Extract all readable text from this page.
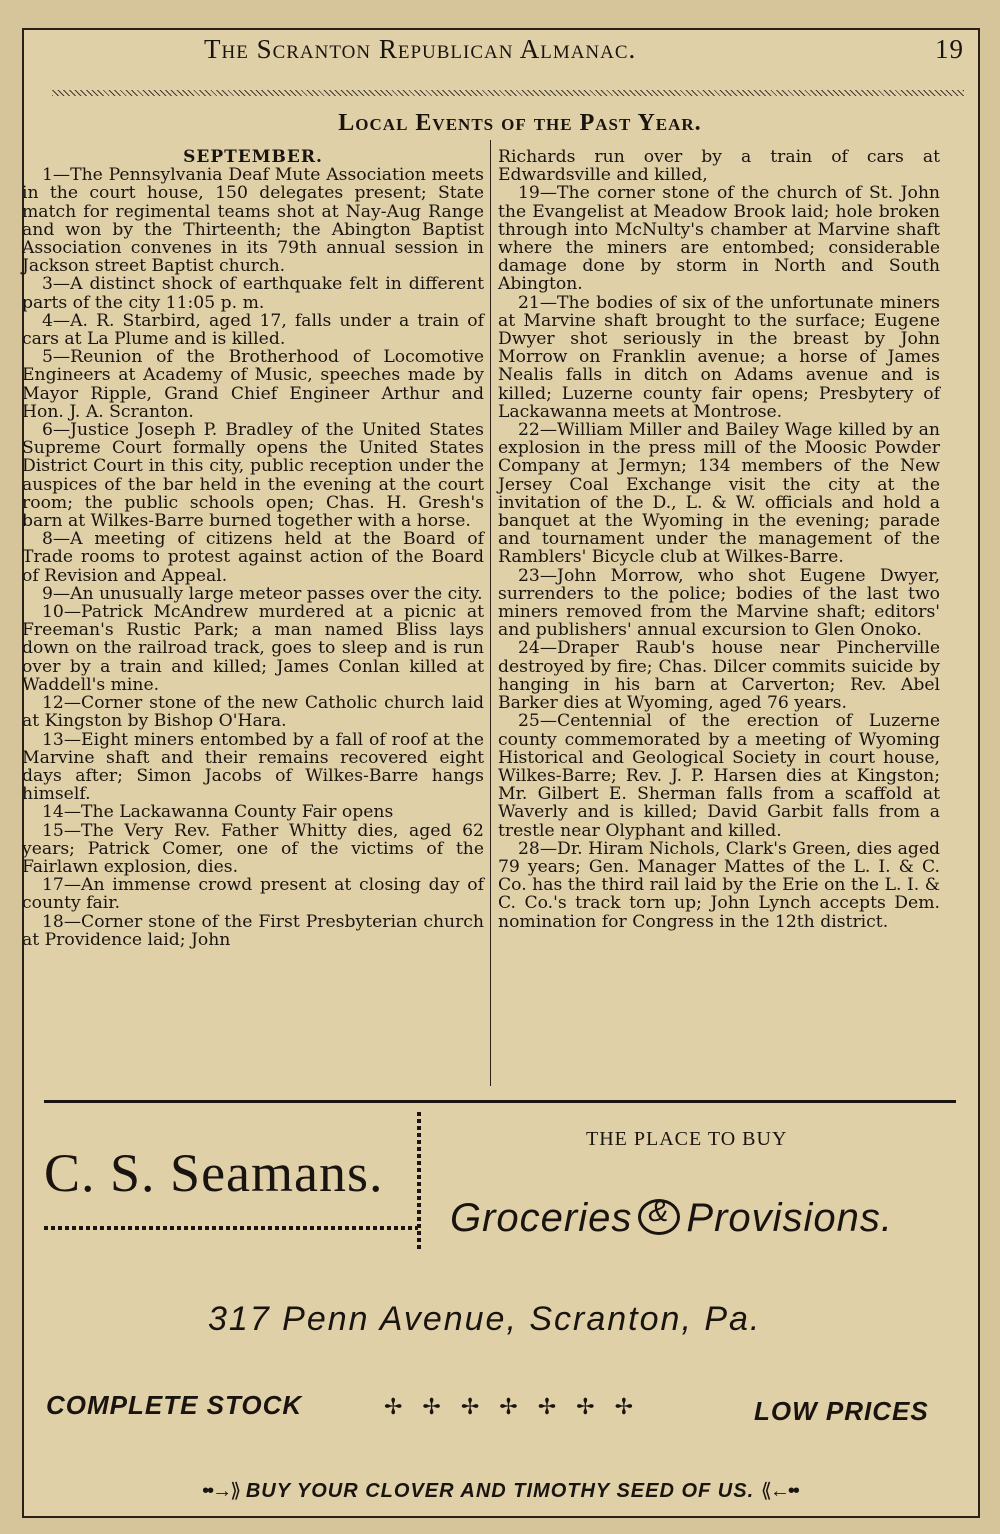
The Scranton Republican Almanac.	19
Local Events of the Past Year.
SEPTEMBER.

1—The Pennsylvania Deaf Mute Association meets in the court house, 150 delegates present; State match for regimental teams shot at Nay-Aug Range and won by the Thirteenth; the Abington Baptist Association convenes in its 79th annual session in Jackson street Baptist church.

3—A distinct shock of earthquake felt in different parts of the city 11:05 p. m.

4—A. R. Starbird, aged 17, falls under a train of cars at La Plume and is killed.

5—Reunion of the Brotherhood of Locomotive Engineers at Academy of Music, speeches made by Mayor Ripple, Grand Chief Engineer Arthur and Hon. J. A. Scranton.

6—Justice Joseph P. Bradley of the United States Supreme Court formally opens the United States District Court in this city, public reception under the auspices of the bar held in the evening at the court room; the public schools open; Chas. H. Gresh's barn at Wilkes-Barre burned together with a horse.

8—A meeting of citizens held at the Board of Trade rooms to protest against action of the Board of Revision and Appeal.

9—An unusually large meteor passes over the city.

10—Patrick McAndrew murdered at a picnic at Freeman's Rustic Park; a man named Bliss lays down on the railroad track, goes to sleep and is run over by a train and killed; James Conlan killed at Waddell's mine.

12—Corner stone of the new Catholic church laid at Kingston by Bishop O'Hara.

13—Eight miners entombed by a fall of roof at the Marvine shaft and their remains recovered eight days after; Simon Jacobs of Wilkes-Barre hangs himself.

14—The Lackawanna County Fair opens

15—The Very Rev. Father Whitty dies, aged 62 years; Patrick Comer, one of the victims of the Fairlawn explosion, dies.

17—An immense crowd present at closing day of county fair.

18—Corner stone of the First Presbyterian church at Providence laid; John

Richards run over by a train of cars at Edwardsville and killed,

19—The corner stone of the church of St. John the Evangelist at Meadow Brook laid; hole broken through into McNulty's chamber at Marvine shaft where the miners are entombed; considerable damage done by storm in North and South Abington.

21—The bodies of six of the unfortunate miners at Marvine shaft brought to the surface; Eugene Dwyer shot seriously in the breast by John Morrow on Franklin avenue; a horse of James Nealis falls in ditch on Adams avenue and is killed; Luzerne county fair opens; Presbytery of Lackawanna meets at Montrose.

22—William Miller and Bailey Wage killed by an explosion in the press mill of the Moosic Powder Company at Jermyn; 134 members of the New Jersey Coal Exchange visit the city at the invitation of the D., L. & W. officials and hold a banquet at the Wyoming in the evening; parade and tournament under the management of the Ramblers' Bicycle club at Wilkes-Barre.

23—John Morrow, who shot Eugene Dwyer, surrenders to the police; bodies of the last two miners removed from the Marvine shaft; editors' and publishers' annual excursion to Glen Onoko.

24—Draper Raub's house near Pincherville destroyed by fire; Chas. Dilcer commits suicide by hanging in his barn at Carverton; Rev. Abel Barker dies at Wyoming, aged 76 years.

25—Centennial of the erection of Luzerne county commemorated by a meeting of Wyoming Historical and Geological Society in court house, Wilkes-Barre; Rev. J. P. Harsen dies at Kingston; Mr. Gilbert E. Sherman falls from a scaffold at Waverly and is killed; David Garbit falls from a trestle near Olyphant and killed.

28—Dr. Hiram Nichols, Clark's Green, dies aged 79 years; Gen. Manager Mattes of the L. I. & C. Co. has the third rail laid by the Erie on the L. I. & C. Co.'s track torn up; John Lynch accepts Dem. nomination for Congress in the 12th district.

C. S. Seamans.
THE PLACE TO BUY
Groceries& Provisions.
317 Penn Avenue, Scranton, Pa.
COMPLETE STOCK	✢✢✢✢✢✢✢	LOW PRICES
••→⟫ BUY YOUR CLOVER AND TIMOTHY SEED OF US. ⟪←••
